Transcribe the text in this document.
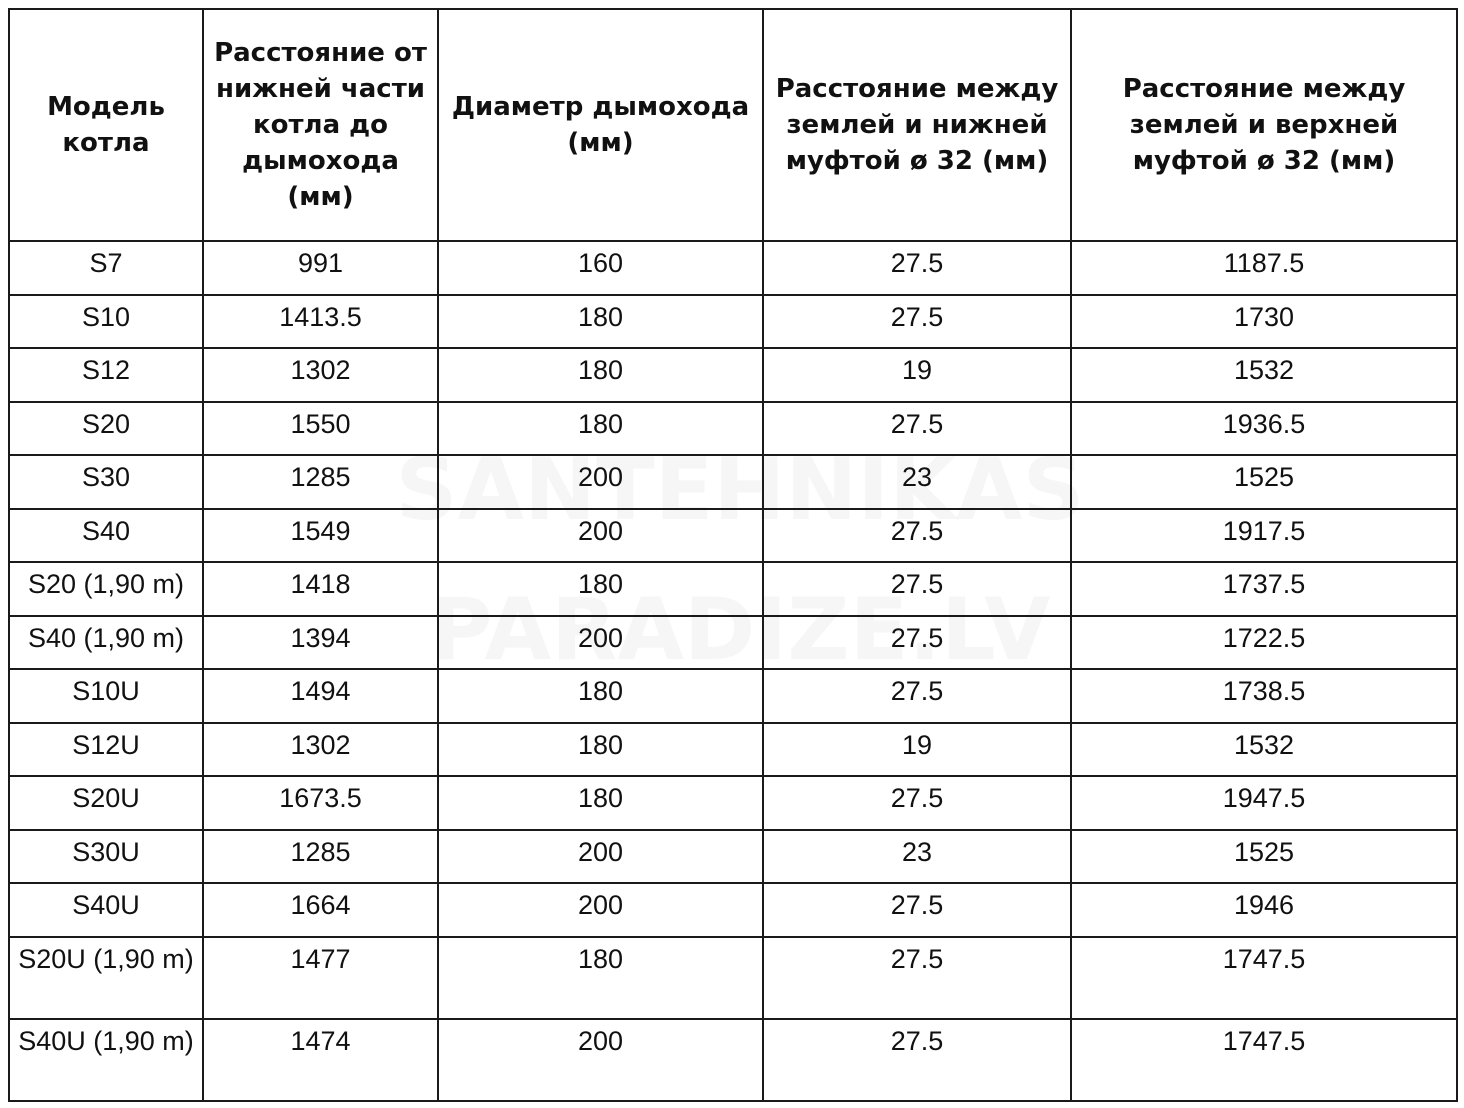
Модель котла	Расстояние от нижней части котла до дымохода (мм)	Диаметр дымохода (мм)	Расстояние между землей и нижней муфтой ø 32 (мм)	Расстояние между землей и верхней муфтой ø 32 (мм)
S7	991	160	27.5	1187.5
S10	1413.5	180	27.5	1730
S12	1302	180	19	1532
S20	1550	180	27.5	1936.5
S30	1285	200	23	1525
S40	1549	200	27.5	1917.5
S20 (1,90 m)	1418	180	27.5	1737.5
S40 (1,90 m)	1394	200	27.5	1722.5
S10U	1494	180	27.5	1738.5
S12U	1302	180	19	1532
S20U	1673.5	180	27.5	1947.5
S30U	1285	200	23	1525
S40U	1664	200	27.5	1946
S20U (1,90 m)	1477	180	27.5	1747.5
S40U (1,90 m)	1474	200	27.5	1747.5
